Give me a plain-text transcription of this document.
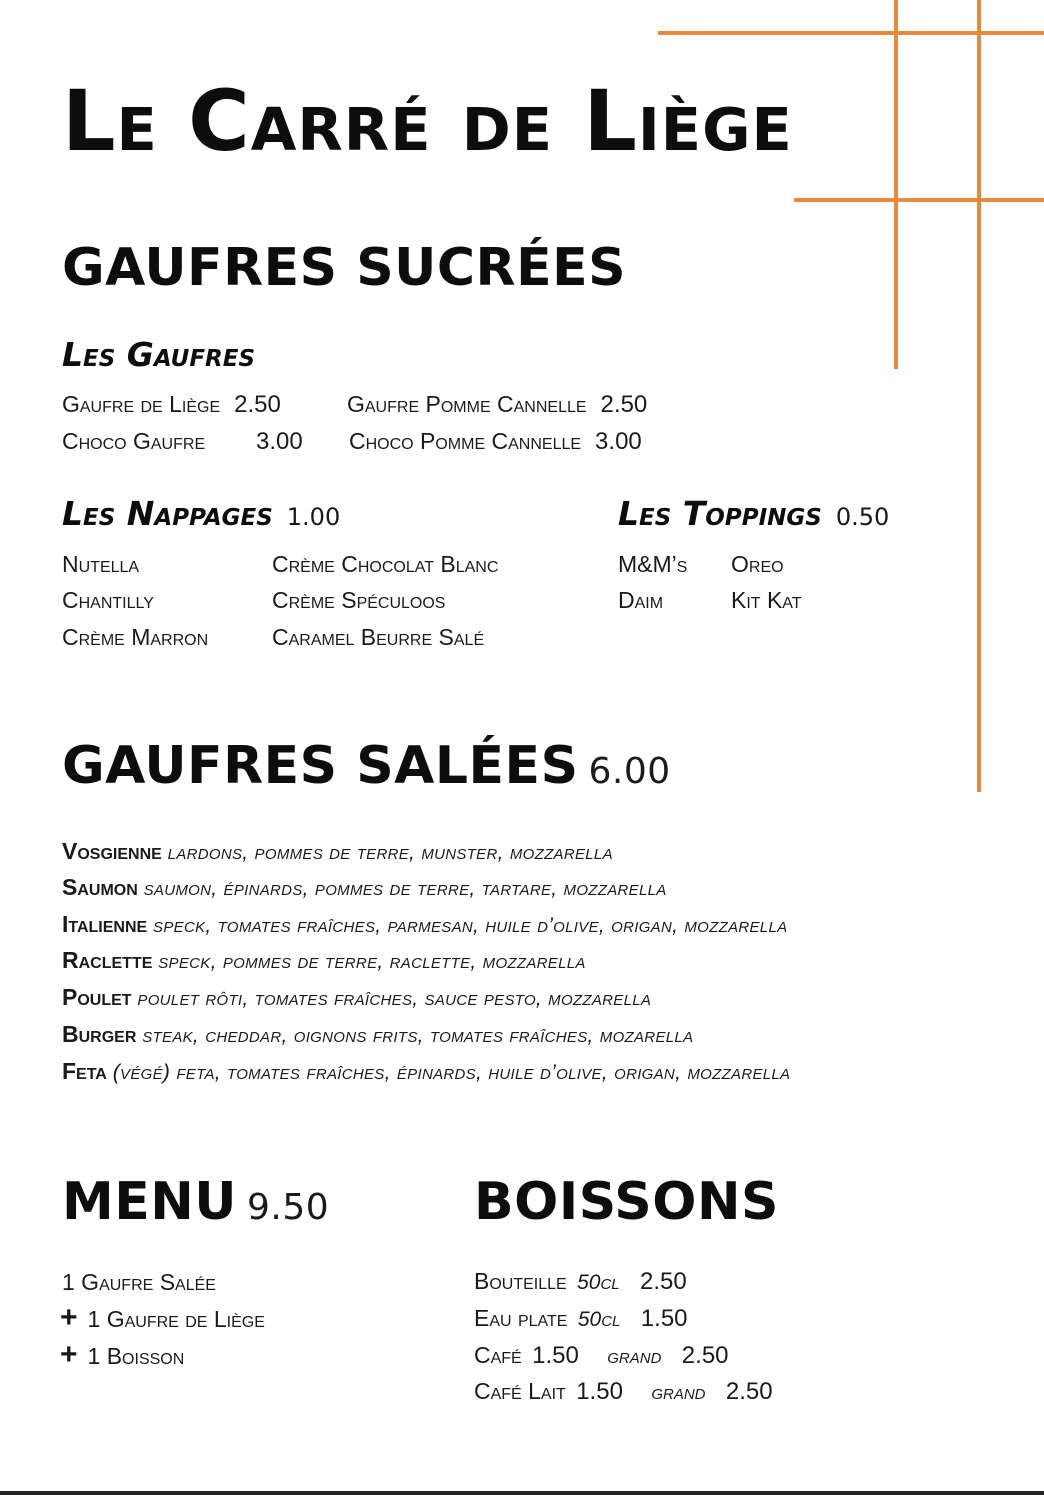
Le Carré de Liège
GAUFRES SUCRÉES
Les Gaufres
Gaufre de Liège 2.50	Gaufre Pomme Cannelle 2.50
Choco Gaufre	3.00 Choco Pomme Cannelle 3.00
Les Nappages 1.00
Nutella	Crème Chocolat Blanc
Chantilly	Crème Spéculoos
Crème Marron	Caramel Beurre Salé
Les Toppings 0.50
M&M’s Oreo
Daim	Kit Kat
GAUFRES SALÉES 6.00
Vosgienne lardons, pommes de terre, munster, mozzarella
Saumon saumon, épinards, pommes de terre, tartare, mozzarella
Italienne speck, tomates fraîches, parmesan, huile d’olive, origan, mozzarella
Raclette speck, pommes de terre, raclette, mozzarella
Poulet poulet rôti, tomates fraîches, sauce pesto, mozzarella
Burger steak, cheddar, oignons frits, tomates fraîches, mozarella
Feta (végé) feta, tomates fraîches, épinards, huile d’olive, origan, mozzarella
MENU 9.50
1 Gaufre Salée
+ 1 Gaufre de Liège
+ 1 Boisson
BOISSONS
Bouteille 50cl 2.50
Eau plate 50cl 1.50
Café 1.50 grand 2.50
Café Lait 1.50 grand 2.50
